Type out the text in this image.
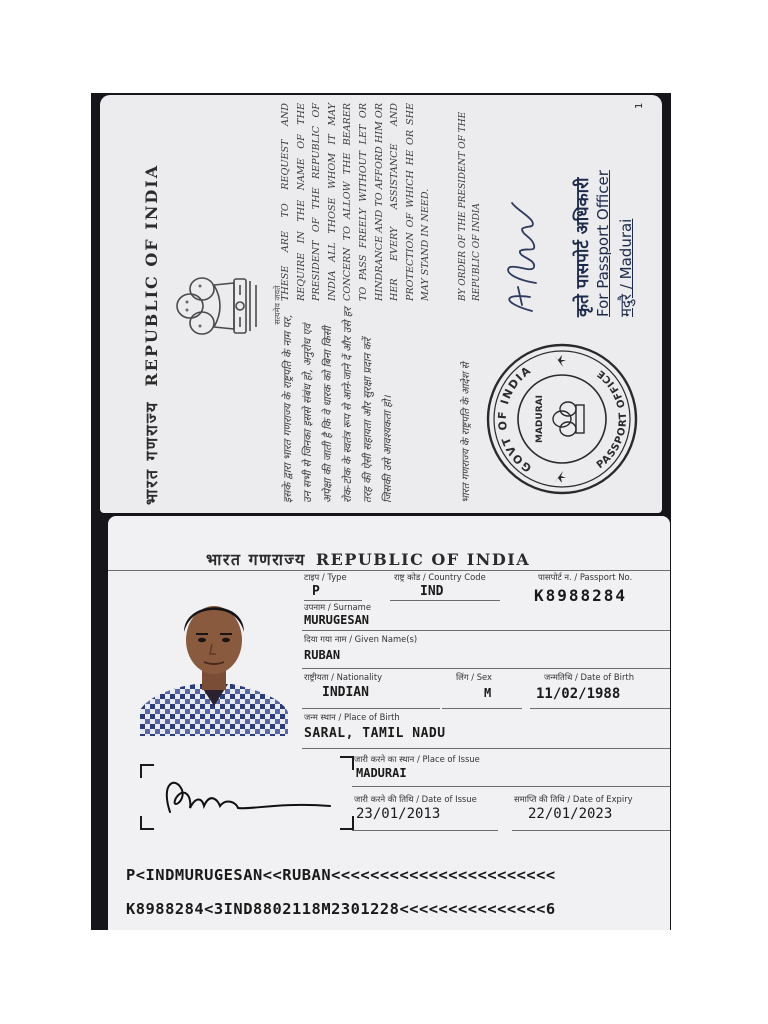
भारत गणराज्यREPUBLIC OF INDIA	सत्यमेव जयते
इसके द्वारा भारत गणराज्य के राष्ट्रपति के नाम पर, उन सभी से जिनका इससे संबंध हो, अनुरोध एवं अपेक्षा की जाती है कि वे धारक को बिना किसी रोक-टोक के स्वतंत्र रूप से आने-जाने दें और उसे हर तरह की ऐसी सहायता और सुरक्षा प्रदान करें जिसकी उसे आवश्यकता हो।
THESE ARE TO REQUEST AND REQUIRE IN THE NAME OF THE PRESIDENT OF THE REPUBLIC OF INDIA ALL THOSE WHOM IT MAY CONCERN TO ALLOW THE BEARER TO PASS FREELY WITHOUT LET OR HINDRANCE AND TO AFFORD HIM OR HER EVERY ASSISTANCE AND PROTECTION OF WHICH HE OR SHE MAY STAND IN NEED.
भारत गणराज्य के राष्ट्रपति के आदेश से
BY ORDER OF THE PRESIDENT OF THE REPUBLIC OF INDIA
GOVT OF INDIA
PASSPORT OFFICE
MADURAI
T.Vasal	कृते पासपोर्ट अधिकारी For Passport Officer मदुरै / Madurai
1
भारत गणराज्य REPUBLIC OF INDIA
टाइप / Type
P
राष्ट्र कोड / Country Code
IND
पासपोर्ट न. / Passport No.
K8988284
उपनाम / Surname
MURUGESAN
दिया गया नाम / Given Name(s)
RUBAN
राष्ट्रीयता / Nationality
INDIAN
लिंग / Sex
M
जन्मतिथि / Date of Birth
11/02/1988
जन्म स्थान / Place of Birth
SARAL, TAMIL NADU
जारी करने का स्थान / Place of Issue
MADURAI
जारी करने की तिथि / Date of Issue
23/01/2013
समाप्ति की तिथि / Date of Expiry
22/01/2023
Ruban
P<INDMURUGESAN<<RUBAN<<<<<<<<<<<<<<<<<<<<<<<
K8988284<3IND8802118M2301228<<<<<<<<<<<<<<<6
